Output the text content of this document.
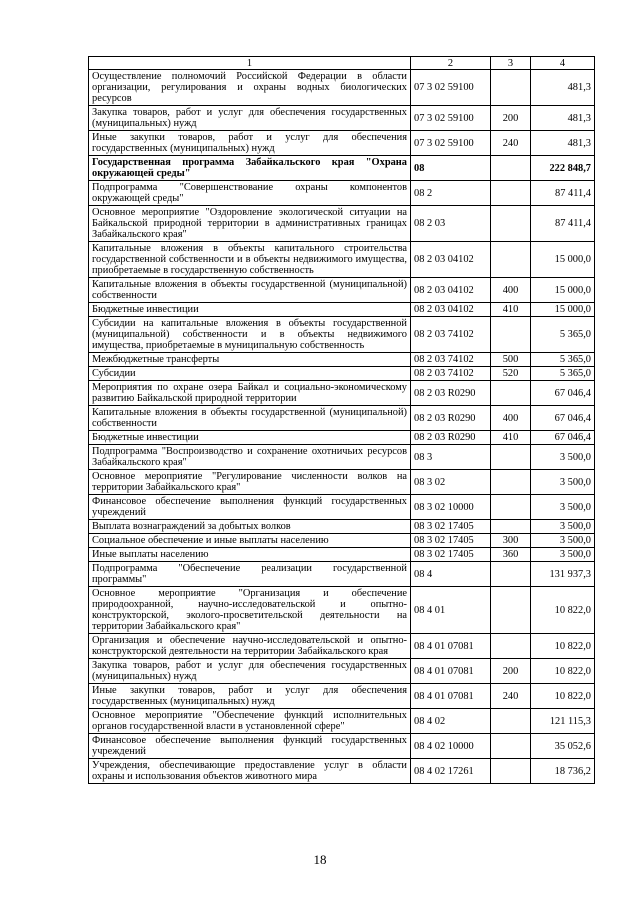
1	2	3	4
Осуществление полномочий Российской Федерации в области организации, регулирования и охраны водных биологических ресурсов	07 3 02 59100		481,3
Закупка товаров, работ и услуг для обеспечения государственных (муниципальных) нужд	07 3 02 59100	200	481,3
Иные закупки товаров, работ и услуг для обеспечения государственных (муниципальных) нужд	07 3 02 59100	240	481,3
Государственная программа Забайкальского края "Охрана окружающей среды"	08		222 848,7
Подпрограмма "Совершенствование охраны компонентов окружающей среды"	08 2		87 411,4
Основное мероприятие "Оздоровление экологической ситуации на Байкальской природной территории в административных границах Забайкальского края"	08 2 03		87 411,4
Капитальные вложения в объекты капитального строительства государственной собственности и в объекты недвижимого имущества, приобретаемые в государственную собственность	08 2 03 04102		15 000,0
Капитальные вложения в объекты государственной (муниципальной) собственности	08 2 03 04102	400	15 000,0
Бюджетные инвестиции	08 2 03 04102	410	15 000,0
Субсидии на капитальные вложения в объекты государственной (муниципальной) собственности и в объекты недвижимого имущества, приобретаемые в муниципальную собственность	08 2 03 74102		5 365,0
Межбюджетные трансферты	08 2 03 74102	500	5 365,0
Субсидии	08 2 03 74102	520	5 365,0
Мероприятия по охране озера Байкал и социально-экономическому развитию Байкальской природной территории	08 2 03 R0290		67 046,4
Капитальные вложения в объекты государственной (муниципальной) собственности	08 2 03 R0290	400	67 046,4
Бюджетные инвестиции	08 2 03 R0290	410	67 046,4
Подпрограмма "Воспроизводство и сохранение охотничьих ресурсов Забайкальского края"	08 3		3 500,0
Основное мероприятие "Регулирование численности волков на территории Забайкальского края"	08 3 02		3 500,0
Финансовое обеспечение выполнения функций государственных учреждений	08 3 02 10000		3 500,0
Выплата вознаграждений за добытых волков	08 3 02 17405		3 500,0
Социальное обеспечение и иные выплаты населению	08 3 02 17405	300	3 500,0
Иные выплаты населению	08 3 02 17405	360	3 500,0
Подпрограмма "Обеспечение реализации государственной программы"	08 4		131 937,3
Основное мероприятие "Организация и обеспечение природоохранной, научно-исследовательской и опытно-конструкторской, эколого-просветительской деятельности на территории Забайкальского края"	08 4 01		10 822,0
Организация и обеспечение научно-исследовательской и опытно-конструкторской деятельности на территории Забайкальского края	08 4 01 07081		10 822,0
Закупка товаров, работ и услуг для обеспечения государственных (муниципальных) нужд	08 4 01 07081	200	10 822,0
Иные закупки товаров, работ и услуг для обеспечения государственных (муниципальных) нужд	08 4 01 07081	240	10 822,0
Основное мероприятие "Обеспечение функций исполнительных органов государственной власти в установленной сфере"	08 4 02		121 115,3
Финансовое обеспечение выполнения функций государственных учреждений	08 4 02 10000		35 052,6
Учреждения, обеспечивающие предоставление услуг в области охраны и использования объектов животного мира	08 4 02 17261		18 736,2
18
